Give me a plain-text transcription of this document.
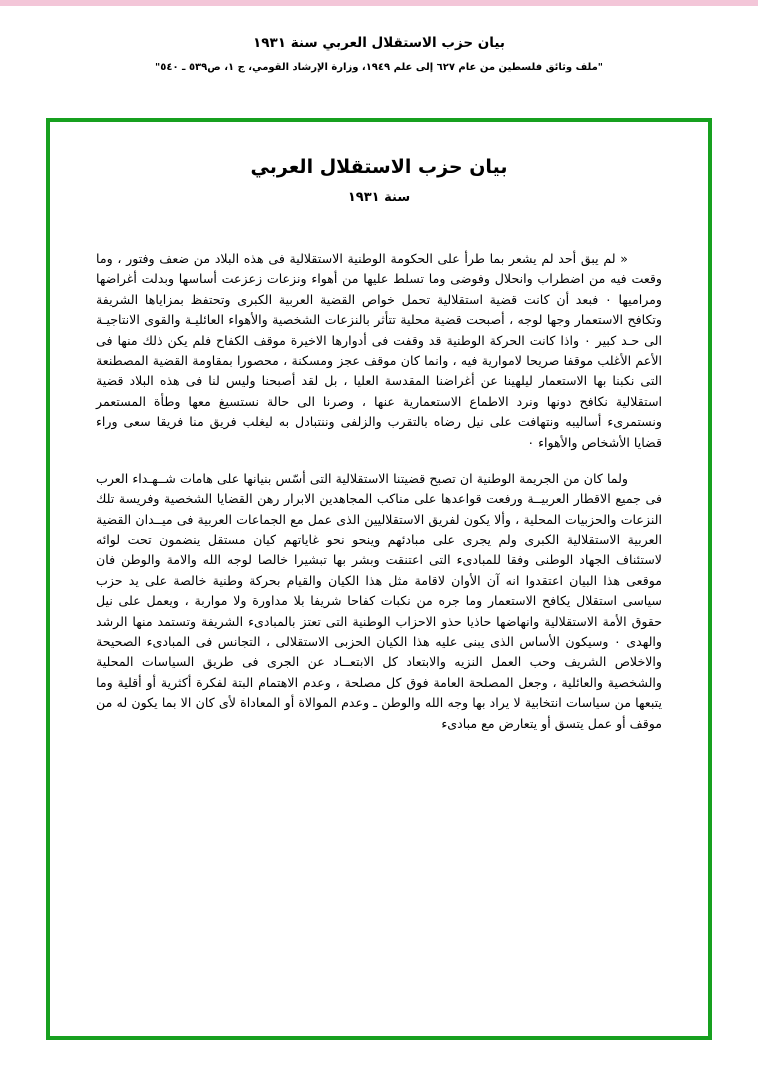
بيان حزب الاستقلال العربي سنة ١٩٣١
"ملف وثائق فلسطين من عام ٦٢٧ إلى علم ١٩٤٩، وزارة الإرشاد القومي، ج ١، ص٥٣٩ ـ ٥٤٠"
بيان حزب الاستقلال العربي
سنة ١٩٣١

« لم يبق أحد لم يشعر بما طرأ على الحكومة الوطنية الاستقلالية فى هذه البلاد من ضعف وفتور ، وما وقعت فيه من اضطراب وانحلال وفوضى وما تسلط عليها من أهواء ونزعات زعزعت أساسها وبدلت أغراضها ومراميها ٠ فبعد أن كانت قضية استقلالية تحمل خواص القضية العربية الكبرى وتحتفظ بمزاياها الشريفة وتكافح الاستعمار وجها لوجه ، أصبحت قضية محلية تتأثر بالنزعات الشخصية والأهواء العائليـة والقوى الانتاجيـة الى حـد كبير ٠ واذا كانت الحركة الوطنية قد وقفت فى أدوارها الاخيرة موقف الكفاح فلم يكن ذلك منها فى الأعم الأغلب موقفا صريحا لاموارية فيه ، وانما كان موقف عجز ومسكنة ، محصورا بمقاومة القضية المصطنعة التى نكبنا بها الاستعمار ليلهينا عن أغراضنا المقدسة العليا ، بل لقد أصبحنا وليس لنا فى هذه البلاد قضية استقلالية نكافح دونها ونرد الاطماع الاستعمارية عنها ، وصرنا الى حالة نستسيغ معها وطأة المستعمر ونستمرىء أساليبه ونتهافت على نيل رضاه بالتقرب والزلفى وننتبادل به ليغلب فريق منا فريقا سعى وراء قضايا الأشخاص والأهواء ٠

ولما كان من الجريمة الوطنية ان تصبح قضيتنا الاستقلالية التى أسّس بنيانها على هامات شــهـداء العرب فى جميع الاقطار العربيــة ورفعت قواعدها على مناكب المجاهدين الابرار رهن القضايا الشخصية وفريسة تلك النزعات والحزبيات المحلية ، وألا يكون لفريق الاستقلاليين الذى عمل مع الجماعات العربية فى ميــدان القضية العربية الاستقلالية الكبرى ولم يجرى على مبادئهم وينحو نحو غاياتهم كيان مستقل ينضمون تحت لوائه لاستئناف الجهاد الوطنى وفقا للمبادىء التى اعتنقت وبشر بها تبشيرا خالصا لوجه الله والامة والوطن فان موقعى هذا البيان اعتقدوا انه آن الأوان لاقامة مثل هذا الكيان والقيام بحركة وطنية خالصة على يد حزب سياسى استقلال يكافح الاستعمار وما جره من نكبات كفاحا شريفا بلا مداورة ولا مواربة ، ويعمل على نيل حقوق الأمة الاستقلالية وانهاضها حاذيا حذو الاحزاب الوطنية التى تعتز بالمبادىء الشريفة وتستمد منها الرشد والهدى ٠ وسيكون الأساس الذى يبنى عليه هذا الكيان الحزبى الاستقلالى ، التجانس فى المبادىء الصحيحة والاخلاص الشريف وحب العمل النزيه والابتعاد كل الابتعــاد عن الجرى فى طريق السياسات المحلية والشخصية والعائلية ، وجعل المصلحة العامة فوق كل مصلحة ، وعدم الاهتمام البتة لفكرة أكثرية أو أقلية وما يتبعها من سياسات انتخابية لا يراد بها وجه الله والوطن ـ وعدم الموالاة أو المعاداة لأى كان الا بما يكون له من موقف أو عمل يتسق أو يتعارض مع مبادىء
